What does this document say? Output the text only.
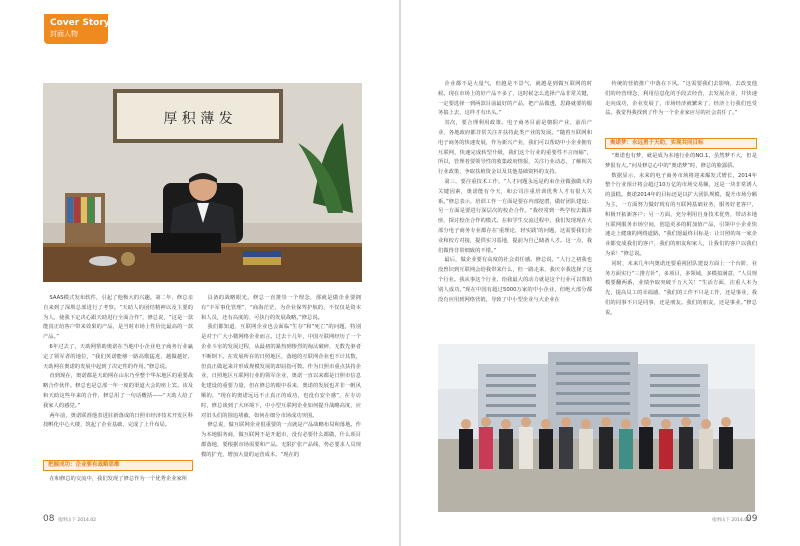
Cover Story
封面人物
厚 积 薄 发

SAAS模式发布软件，引起了他极大的兴趣。第二年，修总亲自来到了深圳总部进行了考察。“天助人的团结精神以及主要的为人，使我下定决心跟天助进行全面合作”，修总说，“这是一款能真正给客户带来效果的产品，是当时市场上性价比最高的一款产品。”

6年过去了，天助网帮助奥诺在当地中小企业电子商务行业赢定了领军者的地位，“我们英诺能够一路高歌猛进，越做越好，天助网在奥诺的发展中起到了决定性的作用。”修总说。

直到现在，奥诺都是天助网在山东乃至整个华东地区的重要战略合作伙伴。修总也是总部一年一度的渠道大会的座上宾。该及和天助这些年来的合作，修总用了一句话概括——“天助人给了我家人的感觉。”

两年前，奥诺联准他表进驻新落成的日照市经济技术开发区科技孵化中心大楼，筑起了企业基础，完成了上升布局。

把握成功：企业要有战略思维

在和修总的交流中，我们发现了修总作为一个优秀企业家所

具备的战略眼光。修总一直推崇一个理念，那就是做企业要拥有“丰军事化管理”，“商海茫茫，为企业保驾护航的，不仅仅是资本和人员，还有高度的、可执行的发展战略。”修总说。

我们都知道，互联网企业也会面临“生存”和“死亡”的问题，特别是对于广大小微网络企业而言。过去十几年，中国互联网经历了一个企业斗室的发展过程，从最初的暴热到惨烈的淘汰破碎，无数先驱者不断倒下。在发展所在的日照地区，落地的互联网企业也不计其数，但真正做起来并形成规模发展的却屈指可数。作为日照市重点扶持企业，日照地区互联网行业的领军企业，奥诺一直以来都是日照市信息化建设的重要力量，但在修总的眼中看来，奥诺的发展也并非一帆风顺的，“现在的奥诺远远不止真正的成功，也没有安全感”，在专访时，修总谈到了大环境下，中小型互联网企业如何提升战略高度，应对旧头们的围追堵截，如何在细分市场成功突围。

修总说，做互联网企业很重要的一点就是产品战略布局和落地。作为本地服务商，做互联网不是开超市，没有必要什么都做，什么项目都落地，要根据市场需要和产品。无限扩张产品线，势必要求人员规模的扩充，增加大量的运营成本。“现在的

企业都不是大量气，但越是不景气，就越是到做互联网的时候。现在市场上的好产品不多了，这时候怎么选择产品非常关键，一定要选择一到两款目前最好的产品，把产品做透，思路就要的服务搞上去，这样才有出头。”

其次，要合理利用政策。电子商务目前是朝阳产业、前沿产业，各地政府都非常关注并扶持此类产业的发展。“随着互联网和电子商务的快速发展，作为新兴产业，我们可以帮助中小企业拥有互联网，快速完成转型升级，我们这个行业的重要性不言而喻”，所以，管理者要领导性的收集政府情报，关注行业动态，了解相关行业政策，争取扶植资金以及其他基础资料的支持。

第三，要注重技术工作。“人才问题永远是约束企业做强做大的关键因素，奥诺能有今天，和公司注重培训优秀人才有很大关系。”修总表示，培训工作一方面是要在内部挖潜，做好团队建设；另一方面是要进行深层次的校企合作。“我经常到一些学校去做讲座，探讨校企合作的模式。在和学生交流过程中，我们发现现在大部分电子商务专业都存在‘重理论，轻实践’的问题，这需要我们企业和校方对接，提供实习基地，提前为自己储备人才。这一点，我们做得非常细致的不错。”

最后，做企业要有高度的社会责任感。修总说，“人行之初我也没曾识到互联网会给我带来什么，但一路走来，我庆幸我选择了这个行业。我从事这个行业，给我最大的动力就是这个行业可以帮助别人成功。”现在中国有超过5000万家的中小企业，但绝大部分都没有应用到网络营销，导致了中小型企业与大企业在

传统的营销推广中落在下风。“这需要我们去影响，去改变他们的经营理念，利用信息化的手段去经营，去发展企业，并快速走向成功，企业发展了，市场经济就繁荣了，经济上行我们也受益。我觉得我找到了作为一个企业家应尽的社会责任了。”

奥诺梦：永远勇于天助，实现共同目标

“奥诺也有梦，就是成为本地行业的NO.1，虽然梦不大，但是梦很有大。”问及修总心中的“奥诺梦”时，修总的脸露骄。

数据显示，未来的电子商务市场将迎来爆发式增长，2014年整个行业预计将会超过10万亿的市场交易额，这是一块非常诱人的蛋糕。奥诺2014年的目标还是以扩大团队规模，提升市场分额为主，一方面努力做好现有的互联网基础业务，服务好老客户，积极开拓新客户；另一方面，充分利用自身技术优势，带动本地互联网服务市场空间，创造更多的附加值产品，引领中小企业快速走上健康的网络道路。“我们愿最终目标是：让日照的每一家企业都变成我们的客户，我们的朋友和家人，让我们的客户以我们为荣！”修总说。

同时，未来几年内奥诺还要重视团队建设方面上一个台阶，业务方面实行“三推方针”，多项目，多领域，多模拟满意，“人员规模要翻两番，业绩争取突破千万大关！”生活方面，注重人本为先，提高员工的幸福感，“我们的工作不只是工作，还是事业，我们的同事不只是同事，还是朋友。我们的朋友，还是事业。”修总说。

08 指明山下 2014.02	指明山下 2014.02
09
